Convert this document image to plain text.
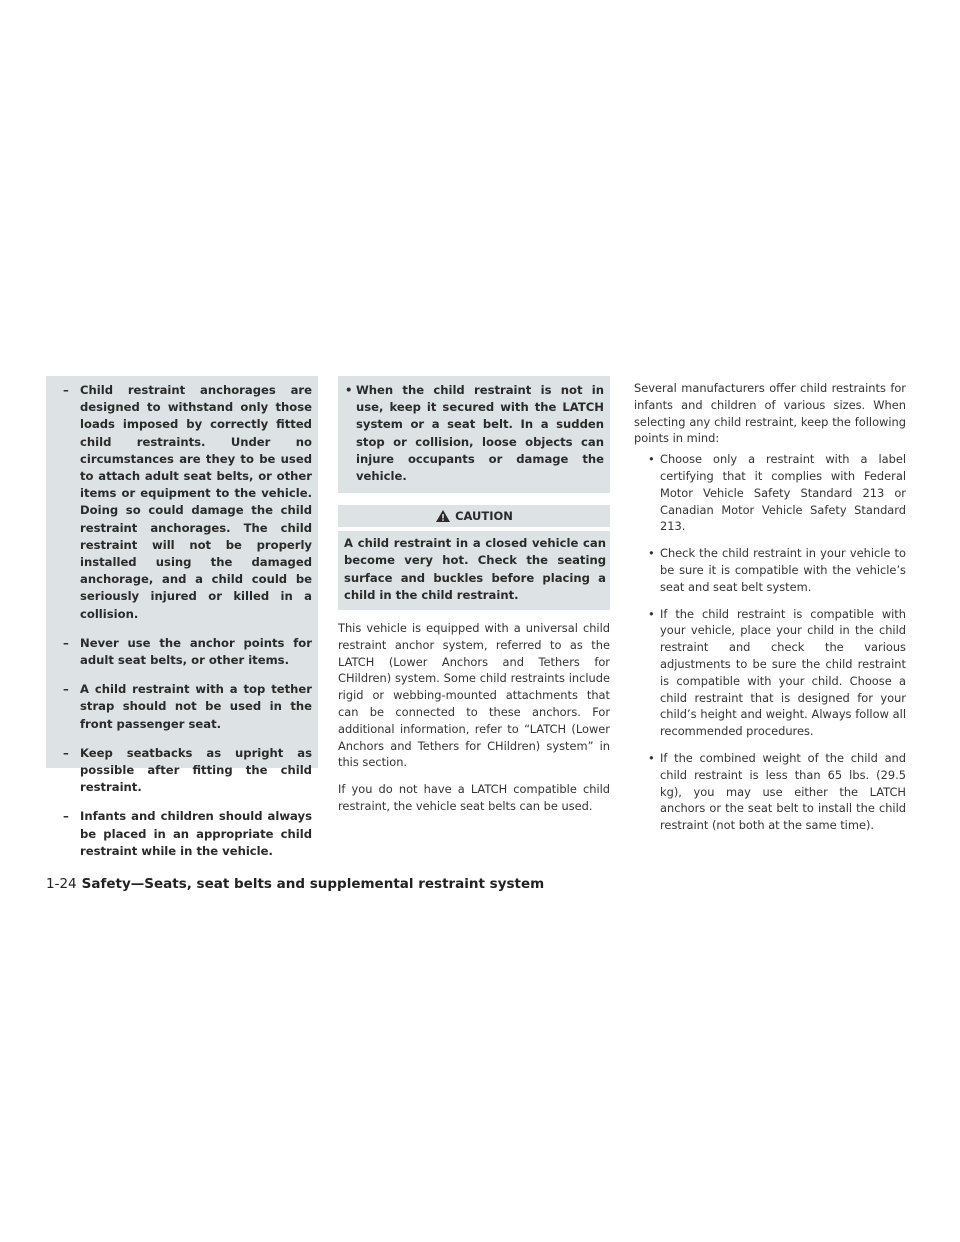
– Child restraint anchorages are designed to withstand only those loads imposed by correctly fitted child restraints. Under no circumstances are they to be used to attach adult seat belts, or other items or equipment to the vehicle. Doing so could damage the child restraint anchorages. The child restraint will not be properly installed using the damaged anchorage, and a child could be seriously injured or killed in a collision.
– Never use the anchor points for adult seat belts, or other items.
– A child restraint with a top tether strap should not be used in the front passenger seat.
– Keep seatbacks as upright as possible after fitting the child restraint.
– Infants and children should always be placed in an appropriate child restraint while in the vehicle.
• When the child restraint is not in use, keep it secured with the LATCH system or a seat belt. In a sudden stop or collision, loose objects can injure occupants or damage the vehicle.
CAUTION
A child restraint in a closed vehicle can become very hot. Check the seating surface and buckles before placing a child in the child restraint.

This vehicle is equipped with a universal child restraint anchor system, referred to as the LATCH (Lower Anchors and Tethers for CHildren) system. Some child restraints include rigid or webbing-mounted attachments that can be connected to these anchors. For additional information, refer to “LATCH (Lower Anchors and Tethers for CHildren) system” in this section.

If you do not have a LATCH compatible child restraint, the vehicle seat belts can be used.

Several manufacturers offer child restraints for infants and children of various sizes. When selecting any child restraint, keep the following points in mind:

• Choose only a restraint with a label certifying that it complies with Federal Motor Vehicle Safety Standard 213 or Canadian Motor Vehicle Safety Standard 213.
• Check the child restraint in your vehicle to be sure it is compatible with the vehicle’s seat and seat belt system.
• If the child restraint is compatible with your vehicle, place your child in the child restraint and check the various adjustments to be sure the child restraint is compatible with your child. Choose a child restraint that is designed for your child’s height and weight. Always follow all recommended procedures.
• If the combined weight of the child and child restraint is less than 65 lbs. (29.5 kg), you may use either the LATCH anchors or the seat belt to install the child restraint (not both at the same time).
1-24 Safety—Seats, seat belts and supplemental restraint system
